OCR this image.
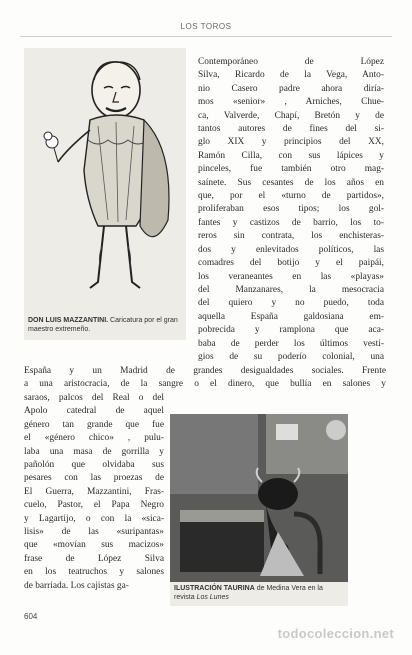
LOS TOROS
DON LUIS MAZZANTINI. Caricatura por el gran maestro extremeño.
Contemporáneo de López
Silva, Ricardo de la Vega, Anto-
nio Casero padre ahora diría-
mos «senior» , Arniches, Chue-
ca, Valverde, Chapí, Bretón y de
tantos autores de fines del si-
glo XIX y principios del XX,
Ramón Cilla, con sus lápices y
pinceles, fue también otro mag-
saínete. Sus cesantes de los años en
que, por el «turno de partidos»,
proliferaban esos tipos; los gol-
fantes y castizos de barrio, los to-
reros sin contrata, los enchisteras-
dos y enlevitados políticos, las
comadres del botijo y el paipái,
los veraneantes en las «playas»
del Manzanares, la mesocracia
del quiero y no puedo, toda
aquella España galdosiana em-
pobrecida y ramplona que aca-
baba de perder los últimos vesti-
gios de su poderío colonial, una
España y un Madrid de grandes desigualdades sociales. Frente
a una aristocracia, de la sangre o el dinero, que bullía en salones y
saraos, palcos del Real o del
Apolo catedral de aquel
género tan grande que fue
el «género chico» , pulu-
laba una masa de gorrilla y
pañolón que olvidaba sus
pesares con las proezas de
El Guerra, Mazzantini, Fras-
cuelo, Pastor, el Papa Negro
y Lagartijo, o con la «sica-
lisis» de las «suripantas»
que «movían sus macizos»
frase de López Silva
en los teatruchos y salones
de barriada. Los cajistas ga-	ILUSTRACIÓN TAURINA de Medina Vera en la revista Los Lunes
604
todocoleccion.net
